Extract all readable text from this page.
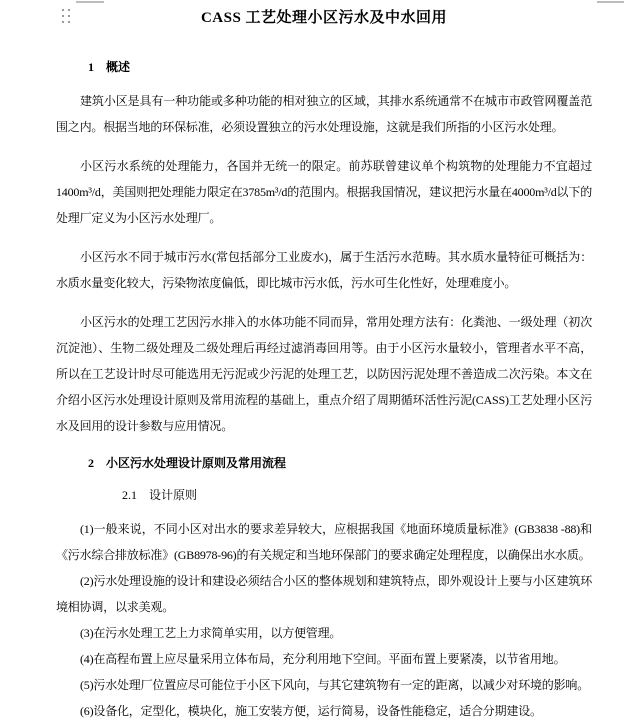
CASS 工艺处理小区污水及中水回用
1　概述

建筑小区是具有一种功能或多种功能的相对独立的区域，其排水系统通常不在城市市政管网覆盖范围之内。根据当地的环保标准，必须设置独立的污水处理设施，这就是我们所指的小区污水处理。

小区污水系统的处理能力，各国并无统一的限定。前苏联曾建议单个构筑物的处理能力不宜超过1400m³/d，美国则把处理能力限定在3785m³/d的范围内。根据我国情况，建议把污水量在4000m³/d以下的处理厂定义为小区污水处理厂。

小区污水不同于城市污水(常包括部分工业废水)，属于生活污水范畴。其水质水量特征可概括为：水质水量变化较大，污染物浓度偏低，即比城市污水低，污水可生化性好，处理难度小。

小区污水的处理工艺因污水排入的水体功能不同而异，常用处理方法有：化粪池、一级处理（初次沉淀池）、生物二级处理及二级处理后再经过滤消毒回用等。由于小区污水量较小，管理者水平不高，所以在工艺设计时尽可能选用无污泥或少污泥的处理工艺，以防因污泥处理不善造成二次污染。本文在介绍小区污水处理设计原则及常用流程的基础上，重点介绍了周期循环活性污泥(CASS)工艺处理小区污水及回用的设计参数与应用情况。

2　小区污水处理设计原则及常用流程
2.1　设计原则

(1)一般来说，不同小区对出水的要求差异较大，应根据我国《地面环境质量标准》(GB3838 -88)和《污水综合排放标准》(GB8978-96)的有关规定和当地环保部门的要求确定处理程度，以确保出水水质。

(2)污水处理设施的设计和建设必须结合小区的整体规划和建筑特点，即外观设计上要与小区建筑环境相协调，以求美观。

(3)在污水处理工艺上力求简单实用，以方便管理。

(4)在高程布置上应尽量采用立体布局，充分利用地下空间。平面布置上要紧凑，以节省用地。

(5)污水处理厂位置应尽可能位于小区下风向，与其它建筑物有一定的距离，以减少对环境的影响。

(6)设备化，定型化，模块化，施工安装方便，运行简易，设备性能稳定，适合分期建设。
